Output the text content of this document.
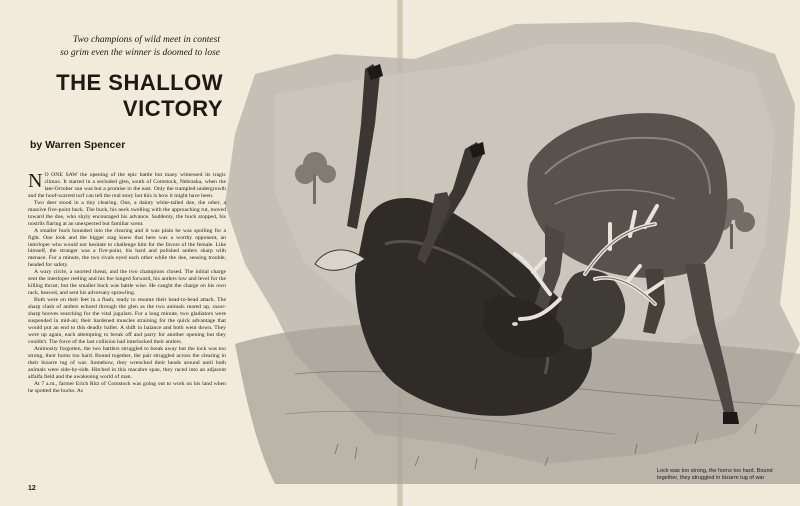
Two champions of wild meet in contest
so grim even the winner is doomed to lose
THE SHALLOW
VICTORY
by Warren Spencer

N O ONE SAW the opening of the epic battle but many witnessed its tragic climax. It started in a secluded glen, south of Comstock, Nebraska, when the late-October sun was but a promise in the east. Only the trampled undergrowth and the hoof-scarred turf can tell the real story but this is how it might have been.

Two deer stood in a tiny clearing. One, a dainty white-tailed doe, the other, a massive five-point buck. The buck, his neck swelling with the approaching rut, moved toward the doe, who shyly encouraged his advance. Suddenly, the buck stopped, his nostrils flaring at an unexpected but familiar scent.

A smaller buck bounded into the clearing and it was plain he was spoiling for a fight. One look and the bigger stag knew that here was a worthy opponent, an interloper who would not hesitate to challenge him for the favors of the female. Like himself, the stranger was a five-point, his hard and polished antlers sharp with menace. For a minute, the two rivals eyed each other while the doe, sensing trouble, headed for safety.

A wary circle, a snorted threat, and the two champions closed. The initial charge sent the interloper reeling and his foe lunged forward, his antlers low and level for the killing thrust, but the smaller buck was battle wise. He caught the charge on his own rack, heaved, and sent his adversary sprawling.

Both were on their feet in a flash, ready to resume their head-to-head attack. The sharp clash of antlers echoed through the glen as the two animals reared up, razor-sharp hooves searching for the vital jugulars. For a long minute, two gladiators were suspended in mid-air, their hardened muscles straining for the quick advantage that would put an end to this deadly ballet. A shift in balance and both went down. They were up again, each attempting to break off and parry for another opening but they couldn't. The force of the last collision had interlocked their antlers.

Animosity forgotten, the two battlers struggled to break away but the lock was too strong, their horns too hard. Bound together, the pair struggled across the clearing in their bizarre tug of war. Somehow, they wrenched their heads around until both animals were side-by-side. Hitched in this macabre span, they raced into an adjacent alfalfa field and the awakening world of man.

At 7 a.m., farmer Erich Ritz of Comstock was going out to work on his land when he spotted the bucks. As

12
Lock was too strong, the horns too hard. Bound together, they struggled in bizarre tug of war
